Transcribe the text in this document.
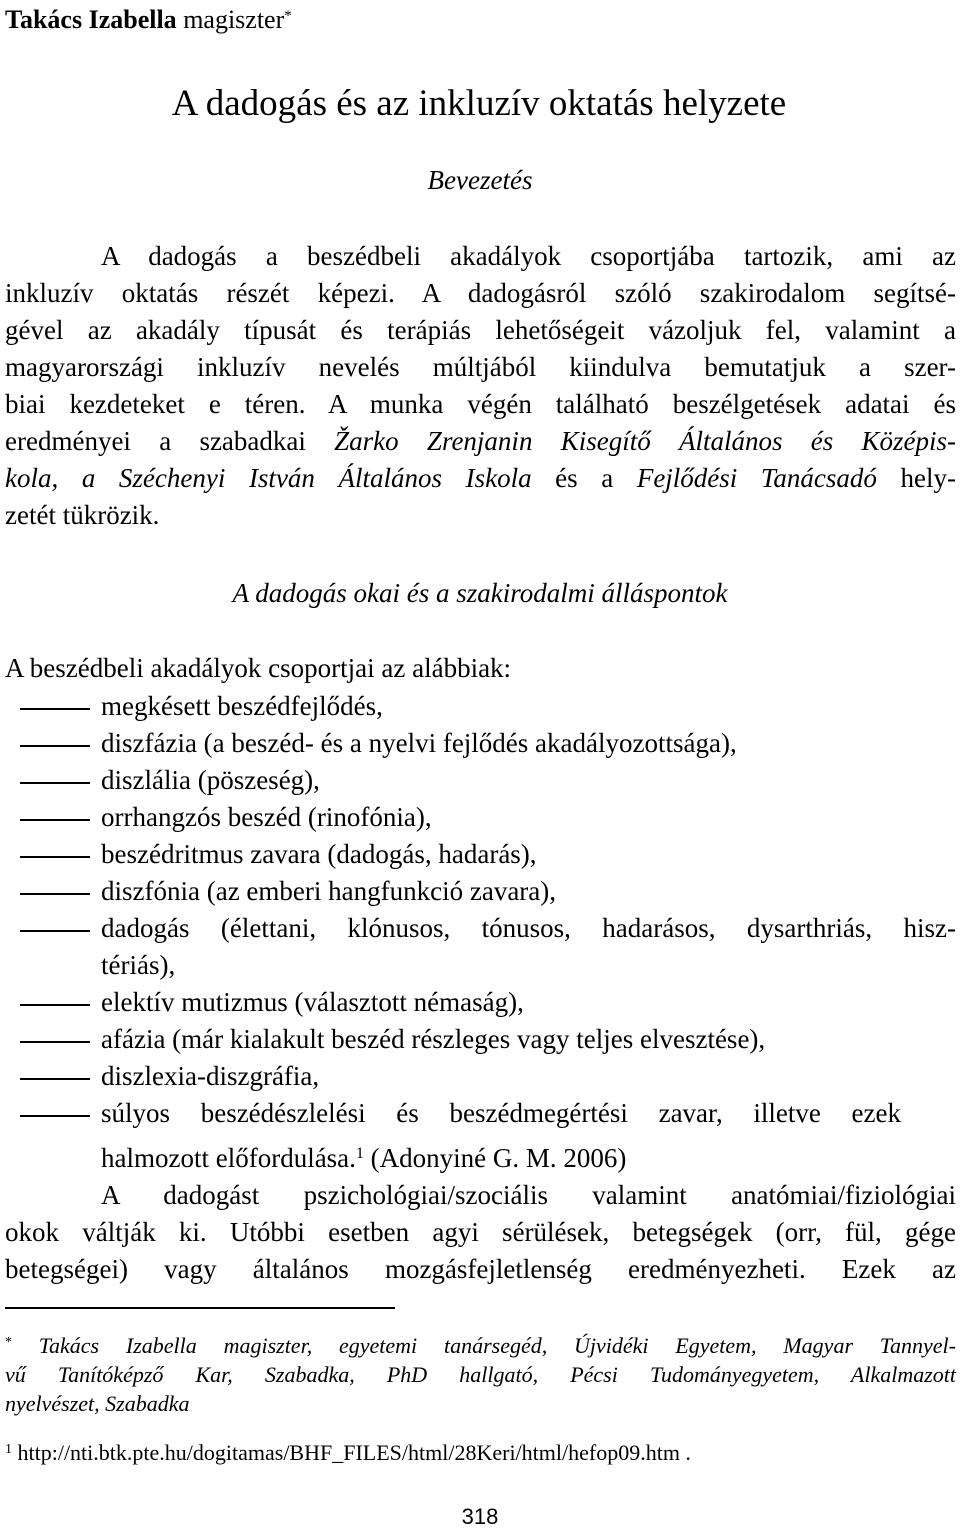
Takács Izabella magiszter*
A dadogás és az inkluzív oktatás helyzete
Bevezetés
A dadogás a beszédbeli akadályok csoportjába tartozik, ami az
inkluzív oktatás részét képezi. A dadogásról szóló szakirodalom segítsé-
gével az akadály típusát és terápiás lehetőségeit vázoljuk fel, valamint a
magyarországi inkluzív nevelés múltjából kiindulva bemutatjuk a szer-
biai kezdeteket e téren. A munka végén található beszélgetések adatai és
eredményei a szabadkai Žarko Zrenjanin Kisegítő Általános és Középis-
kola, a Széchenyi István Általános Iskola és a Fejlődési Tanácsadó hely-
zetét tükrözik.
A dadogás okai és a szakirodalmi álláspontok
A beszédbeli akadályok csoportjai az alábbiak:
megkésett beszédfejlődés,
diszfázia (a beszéd- és a nyelvi fejlődés akadályozottsága),
diszlália (pöszeség),
orrhangzós beszéd (rinofónia),
beszédritmus zavara (dadogás, hadarás),
diszfónia (az emberi hangfunkció zavara),
dadogás (élettani, klónusos, tónusos, hadarásos, dysarthriás, hisz-
tériás),
elektív mutizmus (választott némaság),
afázia (már kialakult beszéd részleges vagy teljes elvesztése),
diszlexia-diszgráfia,
súlyos beszédészlelési és beszédmegértési zavar, illetve ezek
halmozott előfordulása.$^1$ (Adonyiné G. M. 2006)
A dadogást pszichológiai/szociális valamint anatómiai/fiziológiai
okok váltják ki. Utóbbi esetben agyi sérülések, betegségek (orr, fül, gége
betegségei) vagy általános mozgásfejletlenség eredményezheti. Ezek az
* Takács Izabella magiszter, egyetemi tanársegéd, Újvidéki Egyetem, Magyar Tannyel-
vű Tanítóképző Kar, Szabadka, PhD hallgató, Pécsi Tudományegyetem, Alkalmazott
nyelvészet, Szabadka
$^1$ http://nti.btk.pte.hu/dogitamas/BHF_FILES/html/28Keri/html/hefop09.htm .
318
